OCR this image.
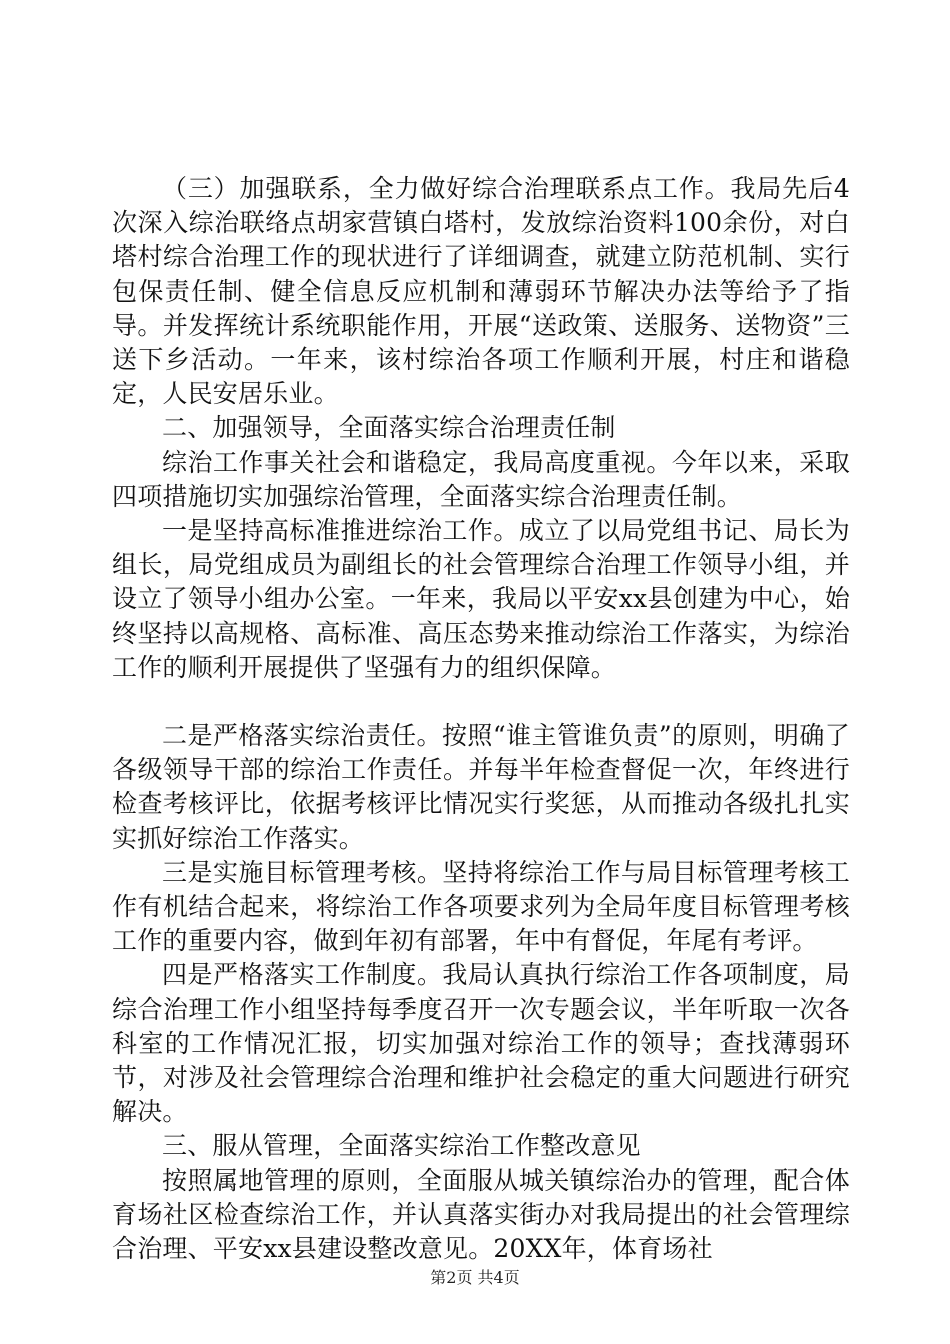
（三）加强联系，全力做好综合治理联系点工作。我局先后4次深入综治联络点胡家营镇白塔村，发放综治资料100余份，对白塔村综合治理工作的现状进行了详细调查，就建立防范机制、实行包保责任制、健全信息反应机制和薄弱环节解决办法等给予了指导。并发挥统计系统职能作用，开展“送政策、送服务、送物资”三送下乡活动。一年来，该村综治各项工作顺利开展，村庄和谐稳定，人民安居乐业。

二、加强领导，全面落实综合治理责任制

综治工作事关社会和谐稳定，我局高度重视。今年以来，采取四项措施切实加强综治管理，全面落实综合治理责任制。

一是坚持高标准推进综治工作。成立了以局党组书记、局长为组长，局党组成员为副组长的社会管理综合治理工作领导小组，并设立了领导小组办公室。一年来，我局以平安xx县创建为中心，始终坚持以高规格、高标准、高压态势来推动综治工作落实，为综治工作的顺利开展提供了坚强有力的组织保障。

二是严格落实综治责任。按照“谁主管谁负责”的原则，明确了各级领导干部的综治工作责任。并每半年检查督促一次，年终进行检查考核评比，依据考核评比情况实行奖惩，从而推动各级扎扎实实抓好综治工作落实。

三是实施目标管理考核。坚持将综治工作与局目标管理考核工作有机结合起来，将综治工作各项要求列为全局年度目标管理考核工作的重要内容，做到年初有部署，年中有督促，年尾有考评。

四是严格落实工作制度。我局认真执行综治工作各项制度，局综合治理工作小组坚持每季度召开一次专题会议，半年听取一次各科室的工作情况汇报，切实加强对综治工作的领导；查找薄弱环节，对涉及社会管理综合治理和维护社会稳定的重大问题进行研究解决。

三、服从管理，全面落实综治工作整改意见

按照属地管理的原则，全面服从城关镇综治办的管理，配合体育场社区检查综治工作，并认真落实街办对我局提出的社会管理综合治理、平安xx县建设整改意见。20XX年，体育场社

第2页 共4页
